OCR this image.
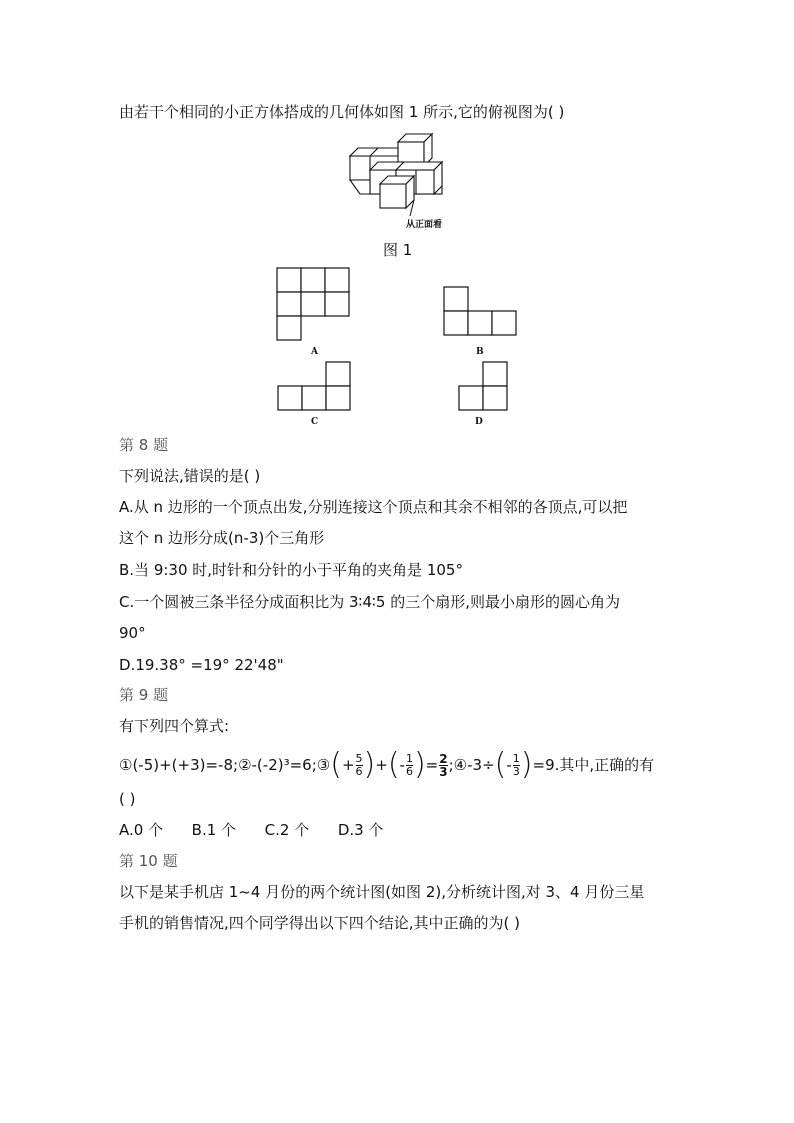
由若干个相同的小正方体搭成的几何体如图 1 所示,它的俯视图为( )
从正面看
图 1
A	B
C	D
第 8 题
下列说法,错误的是( )
A.从 n 边形的一个顶点出发,分别连接这个顶点和其余不相邻的各顶点,可以把
这个 n 边形分成(n-3)个三角形
B.当 9:30 时,时针和分针的小于平角的夹角是 105°
C.一个圆被三条半径分成面积比为 3∶4∶5 的三个扇形,则最小扇形的圆心角为
90°
D.19.38° =19° 22'48"
第 9 题
有下列四个算式:
①(-5)+(+3)=-8;②-(-2)³=6;③ ( + 5
6 ) + ( - 1
6 ) = 2
3 ;④-3÷ ( - 1
3 ) =9.其中,正确的有
( )
A.0 个      B.1 个      C.2 个      D.3 个
第 10 题
以下是某手机店 1~4 月份的两个统计图(如图 2),分析统计图,对 3、4 月份三星
手机的销售情况,四个同学得出以下四个结论,其中正确的为( )
